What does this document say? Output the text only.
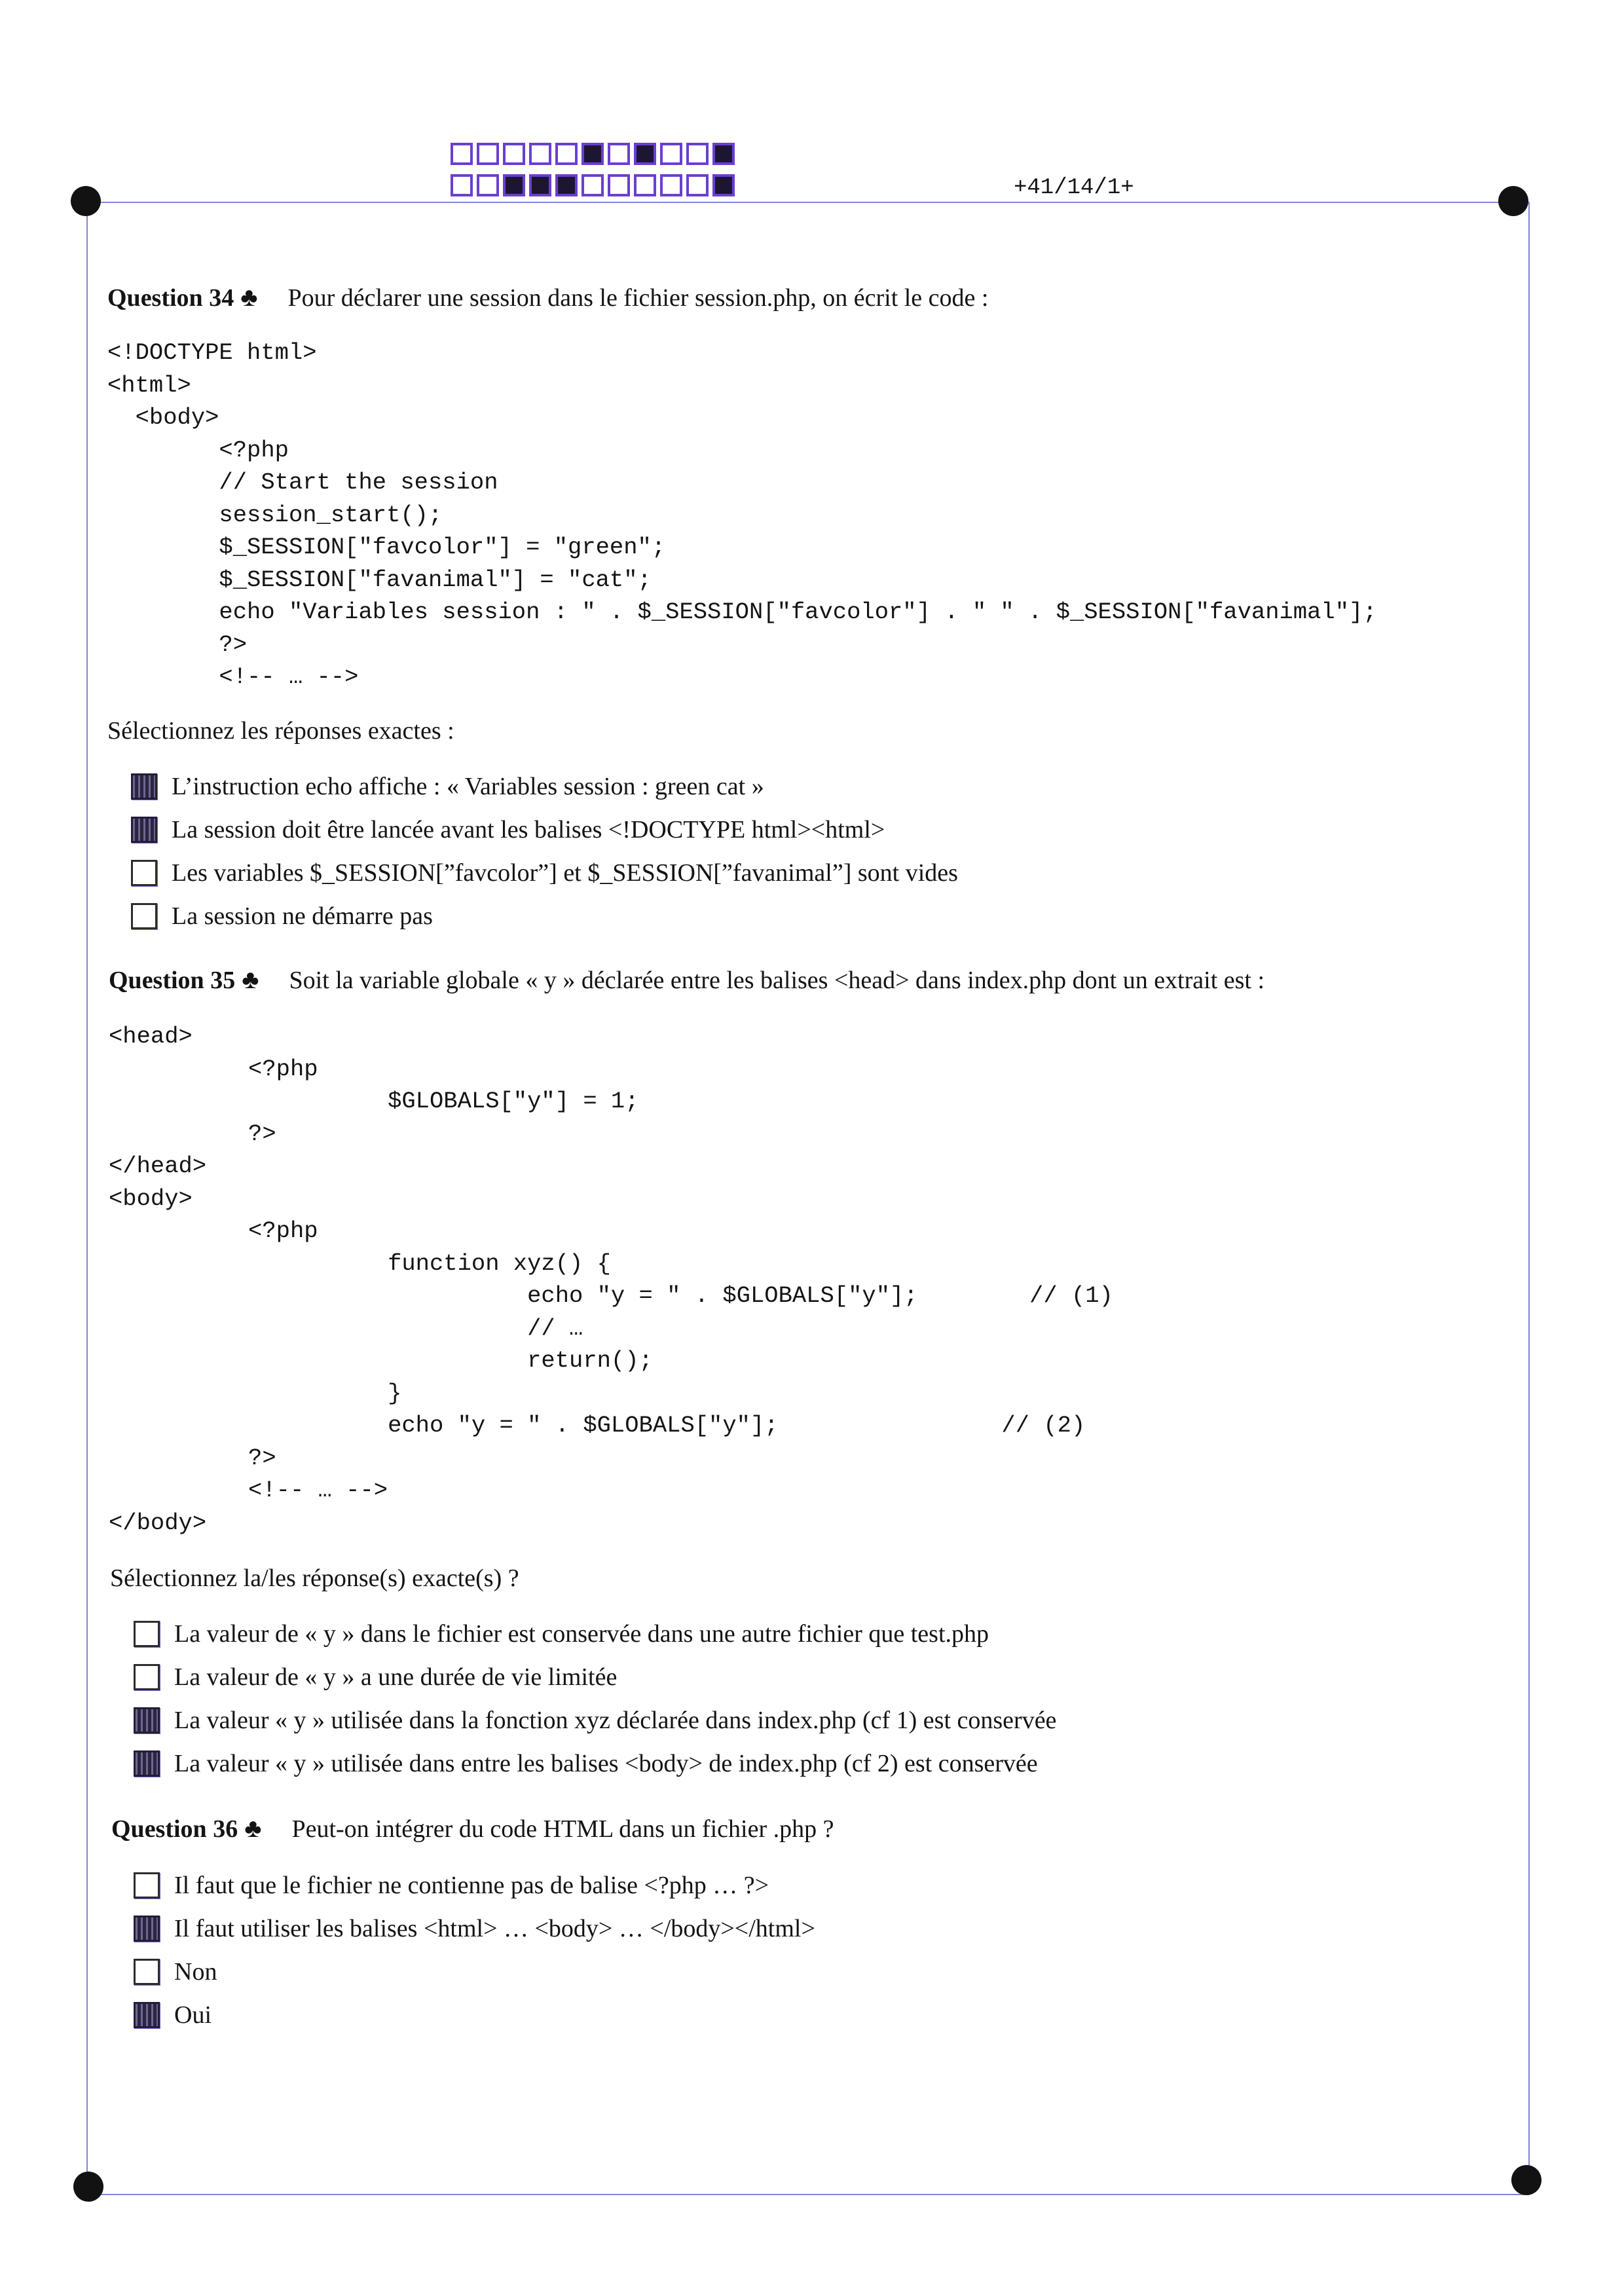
+41/14/1+
Question 34 ♣ Pour déclarer une session dans le fichier session.php, on écrit le code :
<!DOCTYPE html>
<html>
<body>
<?php
// Start the session
session_start();
$_SESSION["favcolor"] = "green";
$_SESSION["favanimal"] = "cat";
echo "Variables session : " . $_SESSION["favcolor"] . " " . $_SESSION["favanimal"];
?>
<!-- … -->
Sélectionnez les réponses exactes :
L’instruction echo affiche : « Variables session : green cat »
La session doit être lancée avant les balises <!DOCTYPE html><html>
Les variables $_SESSION[”favcolor”] et $_SESSION[”favanimal”] sont vides
La session ne démarre pas
Question 35 ♣ Soit la variable globale « y » déclarée entre les balises <head> dans index.php dont un extrait est :
<head>
<?php
$GLOBALS["y"] = 1;
?>
</head>
<body>
<?php
function xyz() {
echo "y = " . $GLOBALS["y"];        // (1)
// …
return();
}
echo "y = " . $GLOBALS["y"];                // (2)
?>
<!-- … -->
</body>
Sélectionnez la/les réponse(s) exacte(s) ?
La valeur de « y » dans le fichier est conservée dans une autre fichier que test.php
La valeur de « y » a une durée de vie limitée
La valeur « y » utilisée dans la fonction xyz déclarée dans index.php (cf 1) est conservée
La valeur « y » utilisée dans entre les balises <body> de index.php (cf 2) est conservée
Question 36 ♣ Peut-on intégrer du code HTML dans un fichier .php ?
Il faut que le fichier ne contienne pas de balise <?php … ?>
Il faut utiliser les balises <html> … <body> … </body></html>
Non
Oui
